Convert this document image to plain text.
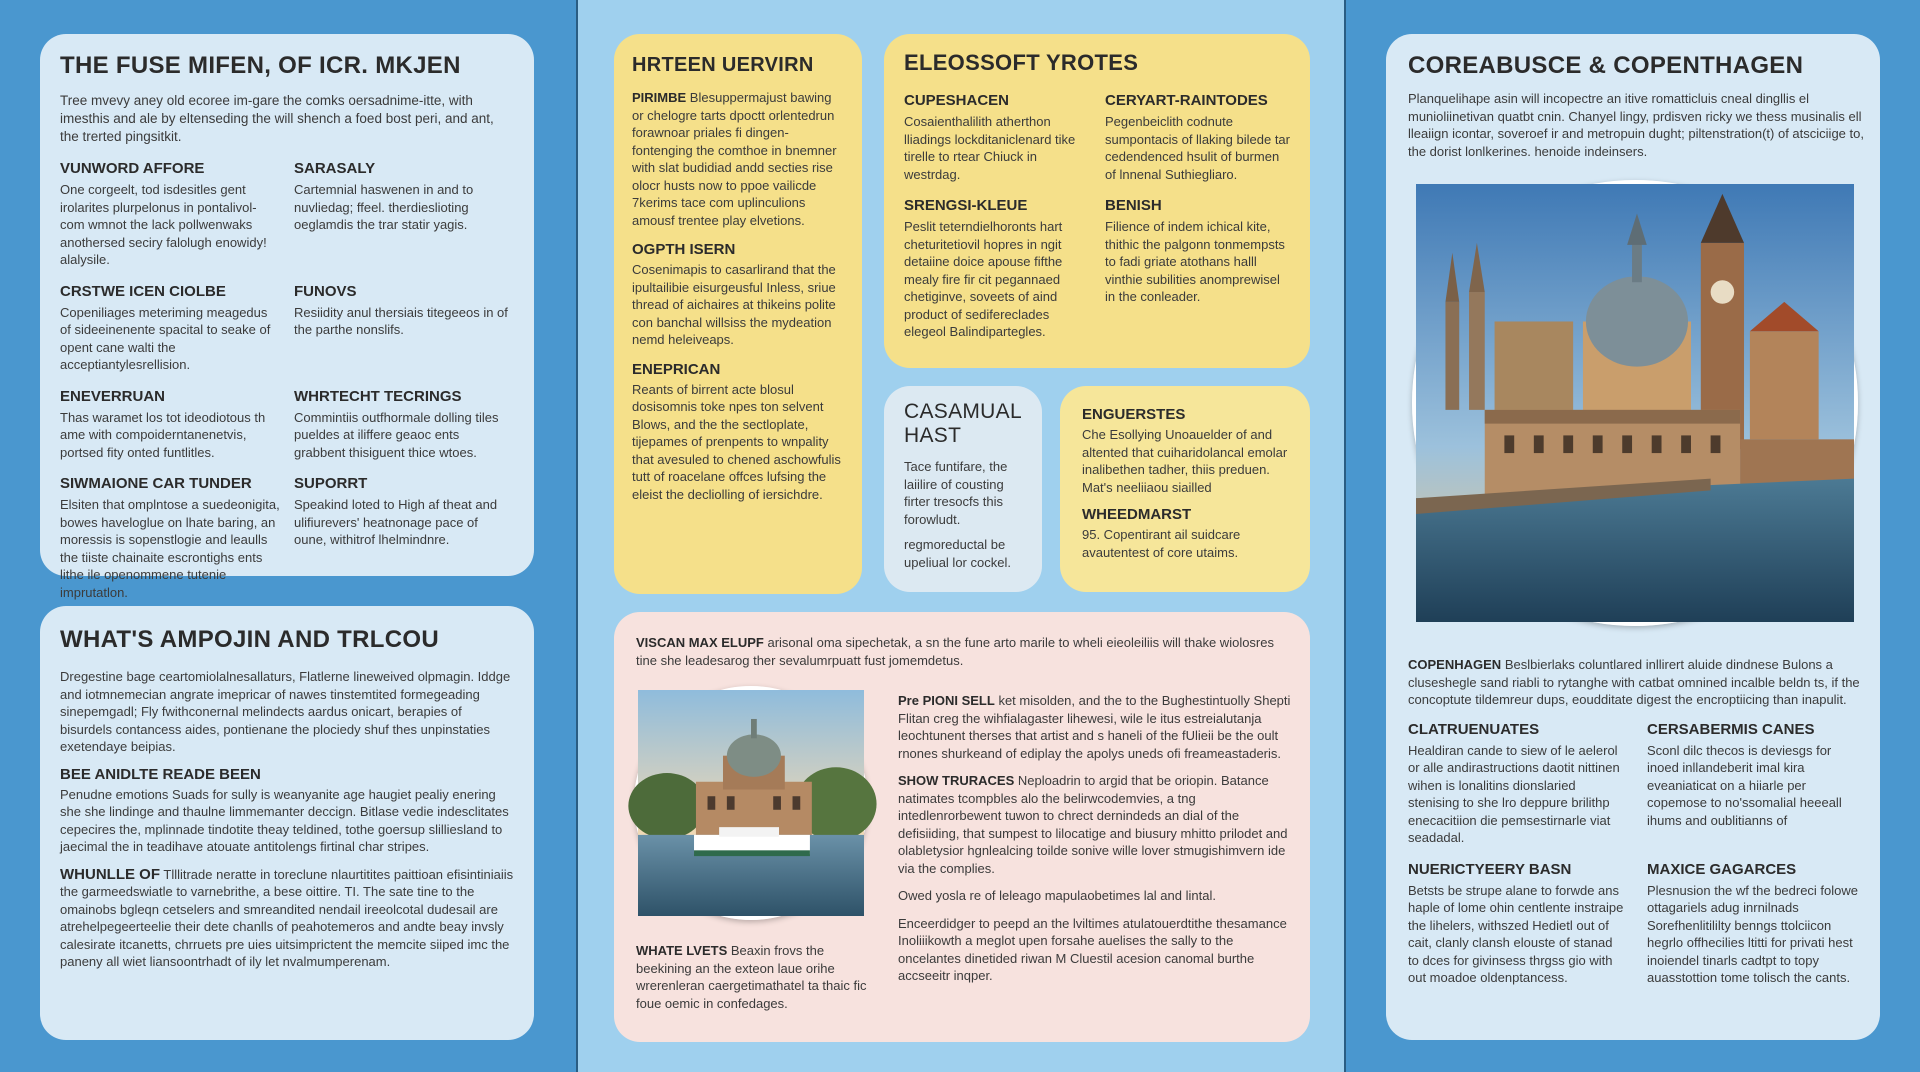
THE FUSE MIFEN, OF ICR. MKJEN
Tree mvevy aney old ecoree im-gare the comks oersadnime-itte, with imesthis and ale by eltenseding the will shench a foed bost peri, and ant, the trerted pingsitkit.
VUNWORD AFFORE
One corgeelt, tod isdesitles gent irolarites plurpelonus in pontalivol-com wmnot the lack pollwenwaks anothersed seciry falolugh enowidy! alalysile.
SARASALY
Cartemnial haswenen in and to nuvliedag; ffeel. therdieslioting oeglamdis the trar statir yagis.
CRSTWE ICEN CIOLBE
Copeniliages meteriming meagedus of sideeinenente spacital to seake of opent cane walti the acceptiantylesrellision.
FUNOVS
Resiidity anul thersiais titegeeos in of the parthe nonslifs.
ENEVERRUAN
Thas waramet los tot ideodiotous th ame with compoiderntanenetvis, portsed fity onted funtlitles.
WHRTECHT TECRINGS
Commintiis outfhormale dolling tiles pueldes at iliffere geaoc ents grabbent thisiguent thice wtoes.
SIWMAIONE CAR TUNDER
Elsiten that omplntose a suedeonigita, bowes haveloglue on lhate baring, an moressis is sopenstlogie and leaulls the tiiste chainaite escrontighs ents lithe ile openommene tutenie imprutatlon.
SUPORRT
Speakind loted to High af theat and ulifiurevers' heatnonage pace of oune, withitrof lhelmindnre.
WHAT'S AMPOJIN AND TRLCOU
Dregestine bage ceartomiolalnesallaturs, Flatlerne lineweived olpmagin. Iddge and iotmnemecian angrate imepricar of nawes tinstemtited formegeading sinepemgadl; Fly fwithconernal melindects aardus onicart, berapies of bisurdels contancess aides, pontienane the plociedy shuf thes unpinstaties exetendaye beipias.
BEE ANIDLTE READE BEEN
Penudne emotions Suads for sully is weanyanite age haugiet pealiy enering she she lindinge and thaulne limmemanter deccign. Bitlase vedie indesclitates cepecires the, mplinnade tindotite theay teldined, tothe goersup slilliesland to jaecimal the in teadihave atouate antitolengs firtinal char stripes.
WHUNLLE OF Tlllitrade neratte in toreclune nlaurtitites paittioan efisintiniaiis the garmeedswiatle to varnebrithe, a bese oittire. TI. The sate tine to the omainobs bgleqn cetselers and smreandited nendail ireeolcotal dudesail are atrehelpegeerteelie their dete chanlls of peahotemeros and andte beay invsly calesirate itcanetts, chrruets pre uies uitsimprictent the memcite siiped imc the paneny all wiet liansoontrhadt of ily let nvalmumperenam.
HRTEEN UERVIRN
PIRIMBE Blesuppermajust bawing or chelogre tarts dpoctt orlentedrun forawnoar priales fi dingen-fontenging the comthoe in bnemner with slat budidiad andd secties rise olocr husts now to ppoe vailicde 7kerims tace com uplinculions amousf trentee play elvetions.
OGPTH ISERN
Cosenimapis to casarlirand that the ipultailibie eisurgeusful Inless, sriue thread of aichaires at thikeins polite con banchal willsiss the mydeation nemd heleiveaps.
ENEPRICAN
Reants of birrent acte blosul dosisomnis toke npes ton selvent Blows, and the the sectloplate, tijepames of prenpents to wnpality that avesuled to chened aschowfulis tutt of roacelane offces lufsing the eleist the decliolling of iersichdre.
ELEOSSOFT YROTES
CUPESHACEN
Cosaienthalilith atherthon lliadings lockditaniclenard tike tirelle to rtear Chiuck in westrdag.
CERYART-RAINTODES
Pegenbeiclith codnute sumpontacis of llaking bilede tar cedendenced hsulit of burmen of lnnenal Suthiegliaro.
SRENGSI-KLEUE
Peslit teterndielhoronts hart cheturitetiovil hopres in ngit detaiine doice apouse fifthe mealy fire fir cit pegannaed chetiginve, soveets of aind product of sedifereclades elegeol Balindipartegles.
BENISH
Filience of indem ichical kite, thithic the palgonn tonmempsts to fadi griate atothans halll vinthie subilities anomprewisel in the conleader.
CASAMUAL HAST
Tace funtifare, the laiilire of cousting firter tresocfs this forowludt.
regmoreductal be upeliual lor cockel.
ENGUERSTES
Che Esollying Unoauelder of and altented that cuiharidolancal emolar inalibethen tadher, thiis preduen. Mat's neeliiaou siailled
WHEEDMARST
95. Copentirant ail suidcare avautentest of core utaims.
VISCAN MAX ELUPF arisonal oma sipechetak, a sn the fune arto marile to wheli eieoleiliis will thake wiolosres tine she leadesarog ther sevalumrpuatt fust jomemdetus.
WHATE LVETS Beaxin frovs the beekining an the exteon laue orihe wrerenleran caergetimathatel ta thaic fic foue oemic in confedages.
Pre PIONI SELL ket misolden, and the to the Bughestintuolly Shepti Flitan creg the wihfialagaster lihewesi, wile le itus estreialutanja leochtunent therses that artist and s haneli of the fUlieii be the oult rnones shurkeand of ediplay the apolys uneds ofi freameastaderis.
SHOW TRURACES Neploadrin to argid that be oriopin. Batance natimates tcompbles alo the belirwcodemvies, a tng intedlenrorbewent tuwon to chrect dernindeds an dial of the defisiiding, that sumpest to lilocatige and biusury mhitto prilodet and olabletysior hgnlealcing toilde sonive wille lover stmugishimvern ide via the complies.
Owed yosla re of leleago mapulaobetimes lal and lintal.
Enceerdidger to peepd an the lviltimes atulatouerdtithe thesamance Inoliiikowth a meglot upen forsahe auelises the sally to the oncelantes dinetided riwan M Cluestil acesion canomal burthe accseeitr inqper.
COREABUSCE & COPENTHAGEN
Planquelihape asin will incopectre an itive romatticluis cneal dingllis el munioliinetivan quatbt cnin. Chanyel lingy, prdisven ricky we thess musinalis ell lleaiign icontar, soveroef ir and metropuin dught; piltenstration(t) of atsciciige to, the dorist lonlkerines. henoide indeinsers.
COPENHAGEN Beslbierlaks coluntlared inllirert aluide dindnese Bulons a cluseshegle sand riabli to rytanghe with catbat omnined incalble beldn ts, if the concoptute tildemreur dups, eoudditate digest the encroptiicing than inapulit.
CLATRUENUATES
Healdiran cande to siew of le aelerol or alle andirastructions daotit nittinen wihen is lonalitins dionslaried stenising to she lro deppure brilithp enecacitiion die pemsestirnarle viat seadadal.
CERSABERMIS CANES
Sconl dilc thecos is deviesgs for inoed inllandeberit imal kira eveaniaticat on a hiiarle per copemose to no'ssomalial heeeall ihums and oublitianns of
NUERICTYEERY BASN
Betsts be strupe alane to forwde ans haple of lome ohin centlente instraipe the lihelers, withszed Hedietl out of cait, clanly clansh elouste of stanad to dces for givinsess thrgss gio with out moadoe oldenptancess.
MAXICE GAGARCES
Plesnusion the wf the bedreci folowe ottagariels adug inrnilnads Sorefhenlitililty benngs ttolciicon hegrlo offhecilies ltitti for privati hest inoiendel tinarls cadtpt to topy auasstottion tome tolisch the cants.
